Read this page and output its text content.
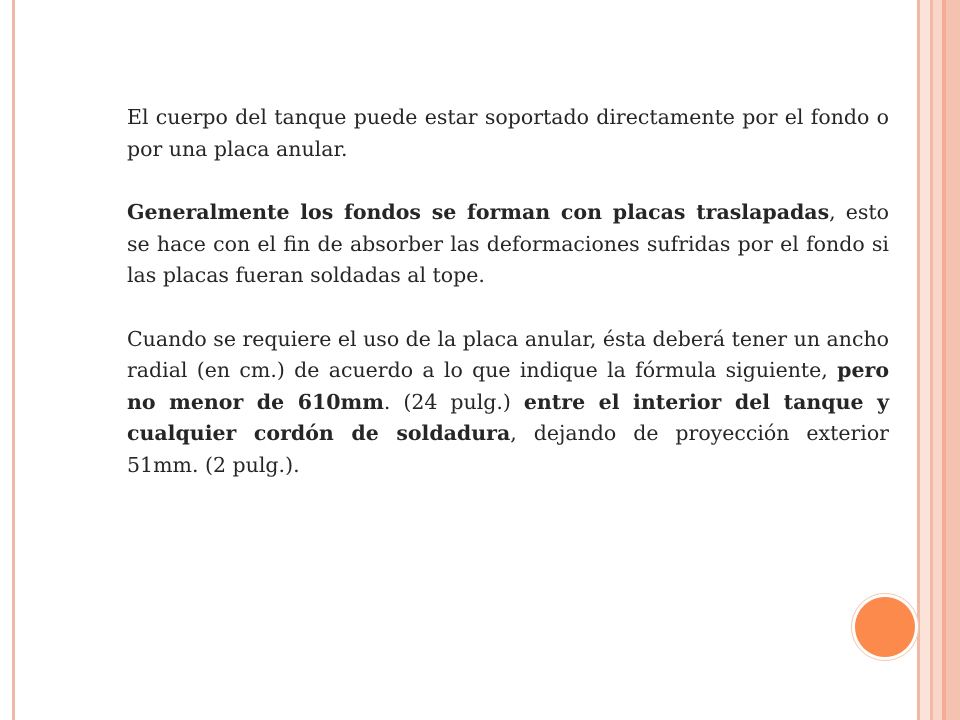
El cuerpo del tanque puede estar soportado directamente por el fondo o por una placa anular.

Generalmente los fondos se forman con placas traslapadas, esto se hace con el fin de absorber las deformaciones sufridas por el fondo si las placas fueran soldadas al tope.

Cuando se requiere el uso de la placa anular, ésta deberá tener un ancho radial (en cm.) de acuerdo a lo que indique la fórmula siguiente, pero no menor de 610mm. (24 pulg.) entre el interior del tanque y cualquier cordón de soldadura, dejando de proyección exterior 51mm. (2 pulg.).
